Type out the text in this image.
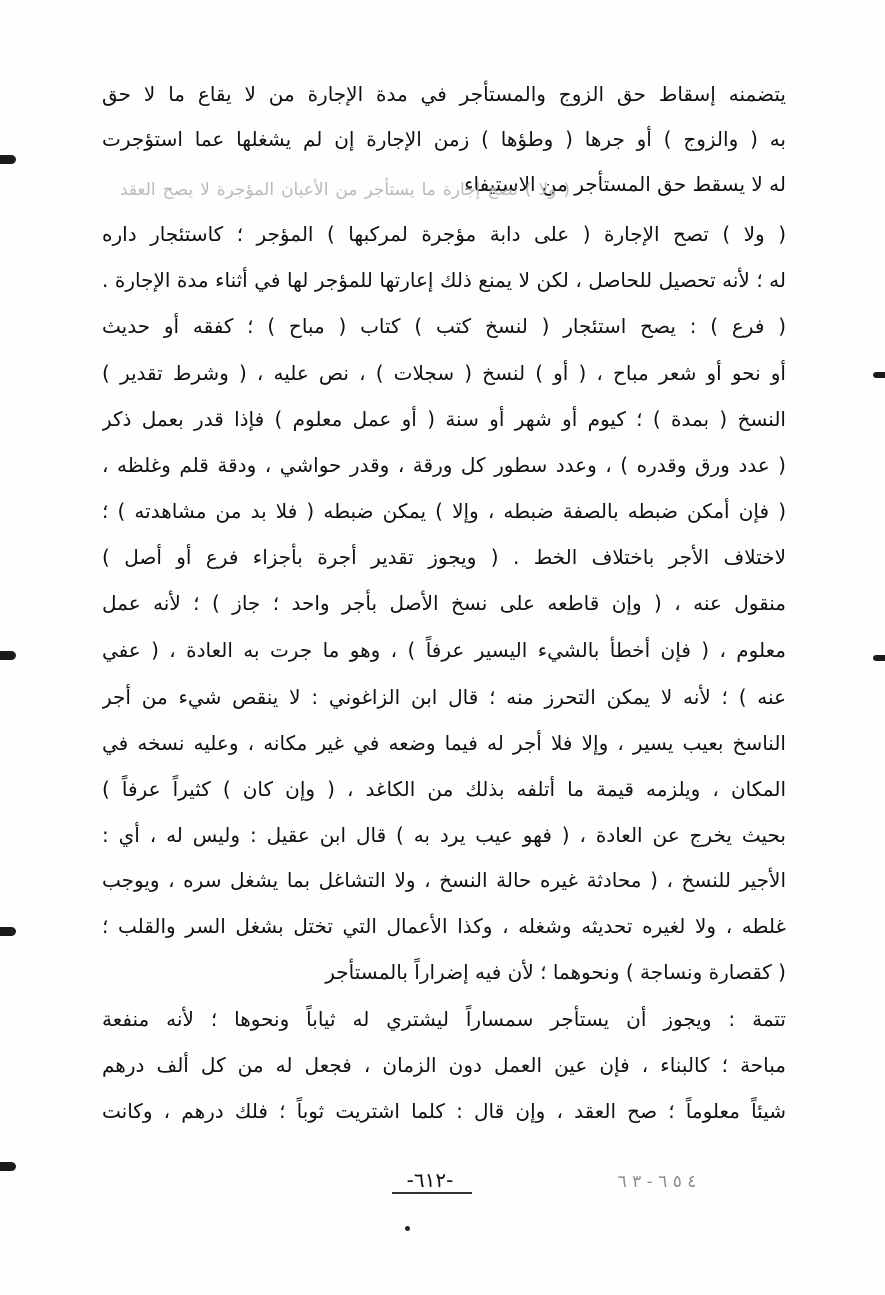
يتضمنه إسقاط حق الزوج والمستأجر في مدة الإجارة من لا يقاع ما لا حق
به ( والزوج ) أو جرها ( وطؤها ) زمن الإجارة إن لم يشغلها عما استؤجرت
له لا يسقط حق المستأجر من الاستيفاء
( ولا ) تصح إجارة ما يستأجر من الأعيان المؤجرة لا يصح العقد
( ولا ) تصح الإجارة ( على دابة مؤجرة لمركبها ) المؤجر ؛ كاستئجار داره
له ؛ لأنه تحصيل للحاصل ، لكن لا يمنع ذلك إعارتها للمؤجر لها في أثناء مدة الإجارة .
( فرع ) : يصح استئجار ( لنسخ كتب ) كتاب ( مباح ) ؛ كفقه أو حديث
أو نحو أو شعر مباح ، ( أو ) لنسخ ( سجلات ) ، نص عليه ، ( وشرط تقدير )
النسخ ( بمدة ) ؛ كيوم أو شهر أو سنة ( أو عمل معلوم ) فإذا قدر بعمل ذكر
( عدد ورق وقدره ) ، وعدد سطور كل ورقة ، وقدر حواشي ، ودقة قلم وغلظه ،
( فإن أمكن ضبطه بالصفة ضبطه ، وإلا ) يمكن ضبطه ( فلا بد من مشاهدته ) ؛
لاختلاف الأجر باختلاف الخط . ( ويجوز تقدير أجرة بأجزاء فرع أو أصل )
منقول عنه ، ( وإن قاطعه على نسخ الأصل بأجر واحد ؛ جاز ) ؛ لأنه عمل
معلوم ، ( فإن أخطأ بالشيء اليسير عرفاً ) ، وهو ما جرت به العادة ، ( عفي
عنه ) ؛ لأنه لا يمكن التحرز منه ؛ قال ابن الزاغوني : لا ينقص شيء من أجر
الناسخ بعيب يسير ، وإلا فلا أجر له فيما وضعه في غير مكانه ، وعليه نسخه في
المكان ، ويلزمه قيمة ما أتلفه بذلك من الكاغد ، ( وإن كان ) كثيراً عرفاً )
بحيث يخرج عن العادة ، ( فهو عيب يرد به ) قال ابن عقيل : وليس له ، أي :
الأجير للنسخ ، ( محادثة غيره حالة النسخ ، ولا التشاغل بما يشغل سره ، ويوجب
غلطه ، ولا لغيره تحديثه وشغله ، وكذا الأعمال التي تختل بشغل السر والقلب ؛
( كقصارة ونساجة ) ونحوهما ؛ لأن فيه إضراراً بالمستأجر
تتمة : ويجوز أن يستأجر سمساراً ليشتري له ثياباً ونحوها ؛ لأنه منفعة
مباحة ؛ كالبناء ، فإن عين العمل دون الزمان ، فجعل له من كل ألف درهم
شيئاً معلوماً ؛ صح العقد ، وإن قال : كلما اشتريت ثوباً ؛ فلك درهم ، وكانت
-٦١٢-	٤ ٥ ٦ - ٣ ٦
